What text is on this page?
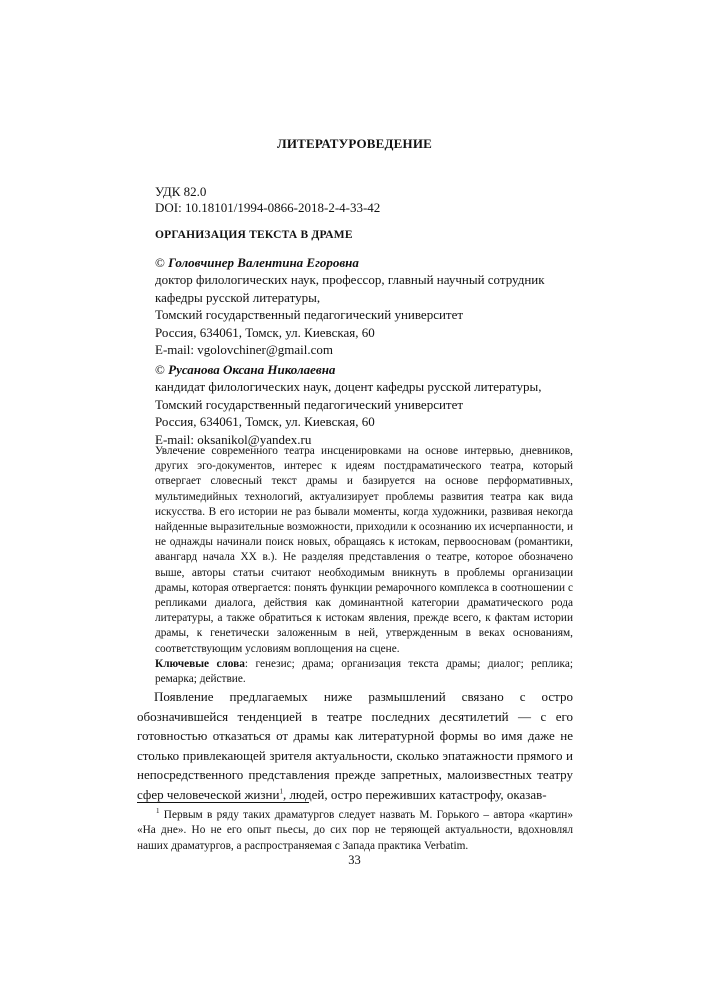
ЛИТЕРАТУРОВЕДЕНИЕ
УДК 82.0
DOI: 10.18101/1994-0866-2018-2-4-33-42
ОРГАНИЗАЦИЯ ТЕКСТА В ДРАМЕ
© Головчинер Валентина Егоровна
доктор филологических наук, профессор, главный научный сотрудник
кафедры русской литературы,
Томский государственный педагогический университет
Россия, 634061, Томск, ул. Киевская, 60
E-mail: vgolovchiner@gmail.com
© Русанова Оксана Николаевна
кандидат филологических наук, доцент кафедры русской литературы,
Томский государственный педагогический университет
Россия, 634061, Томск, ул. Киевская, 60
E-mail: oksanikol@yandex.ru

Увлечение современного театра инсценировками на основе интервью, дневников, других эго-документов, интерес к идеям постдраматического театра, который отвергает словесный текст драмы и базируется на основе перформативных, мультимедийных технологий, актуализирует проблемы развития театра как вида искусства. В его истории не раз бывали моменты, когда художники, развивая некогда найденные выразительные возможности, приходили к осознанию их исчерпанности, и не однажды начинали поиск новых, обращаясь к истокам, первоосновам (романтики, авангард начала XX в.). Не разделяя представления о театре, которое обозначено выше, авторы статьи считают необходимым вникнуть в проблемы организации драмы, которая отвергается: понять функции ремарочного комплекса в соотношении с репликами диалога, действия как доминантной категории драматического рода литературы, а также обратиться к истокам явления, прежде всего, к фактам истории драмы, к генетически заложенным в ней, утвержденным в веках основаниям, соответствующим условиям воплощения на сцене.

Ключевые слова: генезис; драма; организация текста драмы; диалог; реплика; ремарка; действие.

Появление предлагаемых ниже размышлений связано с остро обозначившейся тенденцией в театре последних десятилетий — с его готовностью отказаться от драмы как литературной формы во имя даже не столько привлекающей зрителя актуальности, сколько эпатажности прямого и непосредственного представления прежде запретных, малоизвестных театру сфер человеческой жизни$^1$, людей, остро переживших катастрофу, оказав-

$^1$ Первым в ряду таких драматургов следует назвать М. Горького – автора «картин» «На дне». Но не его опыт пьесы, до сих пор не теряющей актуальности, вдохновлял наших драматургов, а распространяемая с Запада практика Verbatim.

33
